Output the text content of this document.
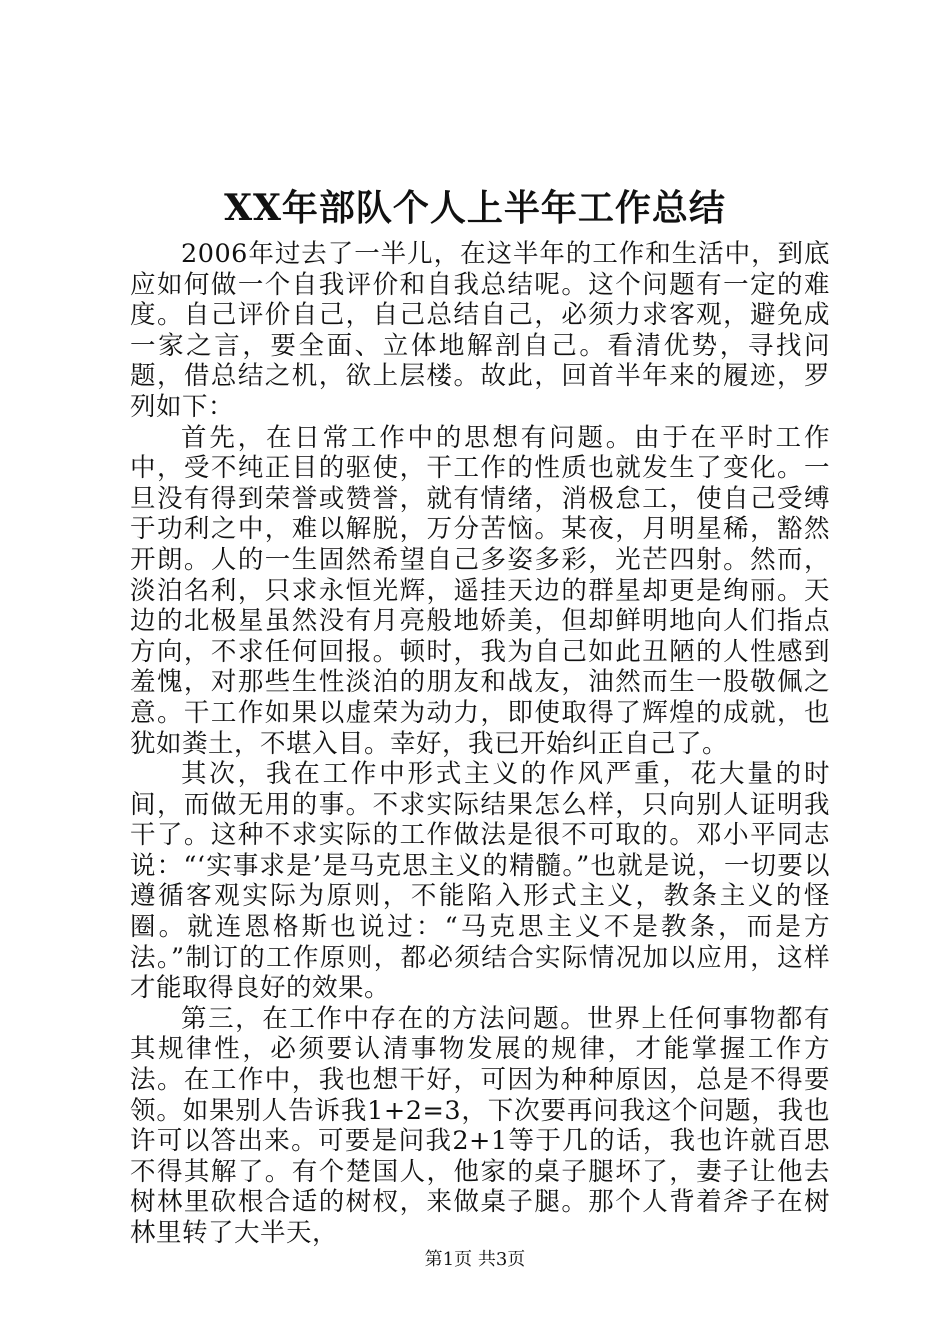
XX年部队个人上半年工作总结

2006年过去了一半儿，在这半年的工作和生活中，到底应如何做一个自我评价和自我总结呢。这个问题有一定的难度。自己评价自己，自己总结自己，必须力求客观，避免成一家之言，要全面、立体地解剖自己。看清优势，寻找问题，借总结之机，欲上层楼。故此，回首半年来的履迹，罗列如下：

首先，在日常工作中的思想有问题。由于在平时工作中，受不纯正目的驱使，干工作的性质也就发生了变化。一旦没有得到荣誉或赞誉，就有情绪，消极怠工，使自己受缚于功利之中，难以解脱，万分苦恼。某夜，月明星稀，豁然开朗。人的一生固然希望自己多姿多彩，光芒四射。然而，淡泊名利，只求永恒光辉，遥挂天边的群星却更是绚丽。天边的北极星虽然没有月亮般地娇美，但却鲜明地向人们指点方向，不求任何回报。顿时，我为自己如此丑陋的人性感到羞愧，对那些生性淡泊的朋友和战友，油然而生一股敬佩之意。干工作如果以虚荣为动力，即使取得了辉煌的成就，也犹如粪土，不堪入目。幸好，我已开始纠正自己了。

其次，我在工作中形式主义的作风严重，花大量的时间，而做无用的事。不求实际结果怎么样，只向别人证明我干了。这种不求实际的工作做法是很不可取的。邓小平同志说：“‘实事求是’是马克思主义的精髓。”也就是说，一切要以遵循客观实际为原则，不能陷入形式主义，教条主义的怪圈。就连恩格斯也说过：“马克思主义不是教条，而是方法。”制订的工作原则，都必须结合实际情况加以应用，这样才能取得良好的效果。

第三，在工作中存在的方法问题。世界上任何事物都有其规律性，必须要认清事物发展的规律，才能掌握工作方法。在工作中，我也想干好，可因为种种原因，总是不得要领。如果别人告诉我1+2=3，下次要再问我这个问题，我也许可以答出来。可要是问我2+1等于几的话，我也许就百思不得其解了。有个楚国人，他家的桌子腿坏了，妻子让他去树林里砍根合适的树杈，来做桌子腿。那个人背着斧子在树林里转了大半天，

第1页 共3页
